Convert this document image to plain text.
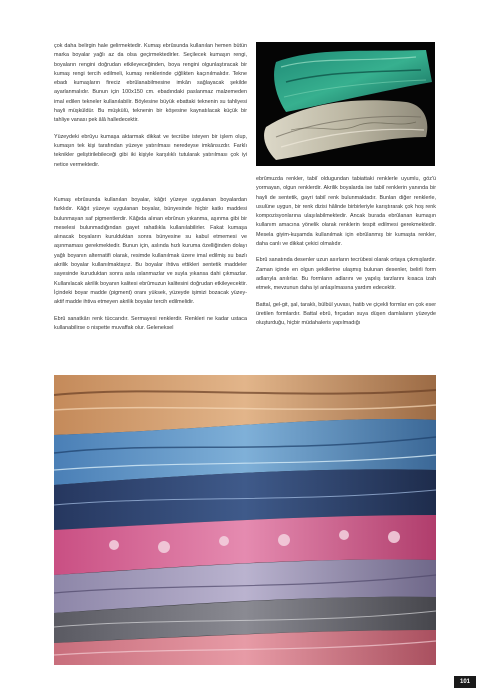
çok daha belirgin hale gelirmektedir. Kumaş ebrûsunda kullanılan hemen bütün marka boyalar yağlı az da olsa geçirmektedirler. Seçilecek kumaşın rengi, boyaların rengini doğrudan etkileyeceğinden, boya rengini olgunlaştıracak bir kumaş rengi tercih edilmeli, kumaş renklerinde çiğlikten kaçınılmalıdır. Tekne ebadı kumaşların fireciz ebrûlanabilmesine imkân sağlayacak şekilde ayarlanmalıdır. Bunun için 100x150 cm. ebadındaki paslanmaz malzemeden imal edilen tekneler kullanılabilir. Böylesine büyük ebattaki teknenin su tahliyesi hayli müşküldür. Bu müşkülü, teknenin bir köşesine kaynatılacak küçük bir tahliye vanası pek âlâ halledecektir.

Yüzeydeki ebrûyu kumaşa aktarmak dikkat ve tecrübe isteyen bir işlem olup, kumaşın tek kişi tarafından yüzeye yatırılması neredeyse imkânsızdır. Farklı teknikler geliştirilebileceği gibi iki kişiyle karşılıklı tutularak yatırılması çok iyi netice vermektedir.

Kumaş ebrûsunda kullanılan boyalar, kâğıt yüzeye uygulanan boyalardan farklıdır. Kâğıt yüzeye uygulanan boyalar, bünyesinde hiçbir katkı maddesi bulunmayan saf pigmentlerdir. Kâğıda alınan ebrûnun yıkanma, aşınma gibi bir meselesi bulunmadığından gayet rahatlıkla kullanılabilirler. Fakat kumaşa alınacak boyaların kurulduktan sonra bünyesine su kabul etmemesi ve aşınmaması gerekmektedir. Bunun için, aslında hızlı kuruma özelliğinden dolayı yağlı boyanın alternatifi olarak, resimde kullanılmak üzere imal edilmiş su bazlı akrilik boyalar kullanılmaktayız. Bu boyalar ihtiva ettikleri sentetik maddeler sayesinde kuruduktan sonra asla ıslanmazlar ve suyla yıkansa dahi çıkmazlar. Kullanılacak akrilik boyanın kalitesi ebrûmuzun kalitesini doğrudan etkileyecektir. İçindeki boyar madde (pigment) oranı yüksek, yüzeyde işimizi bozacak yüzey-aktif madde ihtiva etmeyen akrilik boyalar tercih edilmelidir.

Ebrû sanatkârı renk tüccarıdır. Sermayesi renklerdir. Renkleri ne kadar ustaca kullanabilirse o nispette muvaffak olur. Geleneksel

ebrûmuzda renkler, tabiî oldugundan tabiattaki renklerle uyumlu, göz'ü yormayan, olgun renklerdir. Akrilik boyalarda ise tabiî renklerin yanında bir hayli de sentetik, gayri tabiî renk bulunmaktadır. Bunları diğer renklerle, usulüne uygun, bir renk dizisi hâlinde birbirleriyle karıştırarak çok hoş renk kompozisyonlarına ulaşılabilmektedir. Ancak burada ebrûlanan kumaşın kullanım amacına yönelik olarak renklerin tespit edilmesi gerekmektedir. Mesela giyim-kuşamda kullanılmak için ebrûlanmış bir kumaşta renkler, daha canlı ve dikkat çekici olmalıdır.

Ebrû sanatında desenler uzun asırların tecrübesi olarak ortaya çıkmışlardır. Zaman içinde en olgun şekillerine ulaşmış bulunan desenler, belirli form adlarıyla anılırlar. Bu formların adlarını ve yapılış tarzlarını kısaca izah etmek, mevzunun daha iyi anlaşılmasına yardım edecektir.

Battal, gel-git, şal, taraklı, bülbül yuvası, hatib ve çiçekli formlar en çok eser üretilen formlardır. Battal ebrû, fırçadan suya düşen damlaların yüzeyde oluşturduğu, hiçbir müdahaleris yapılmadığı

101
